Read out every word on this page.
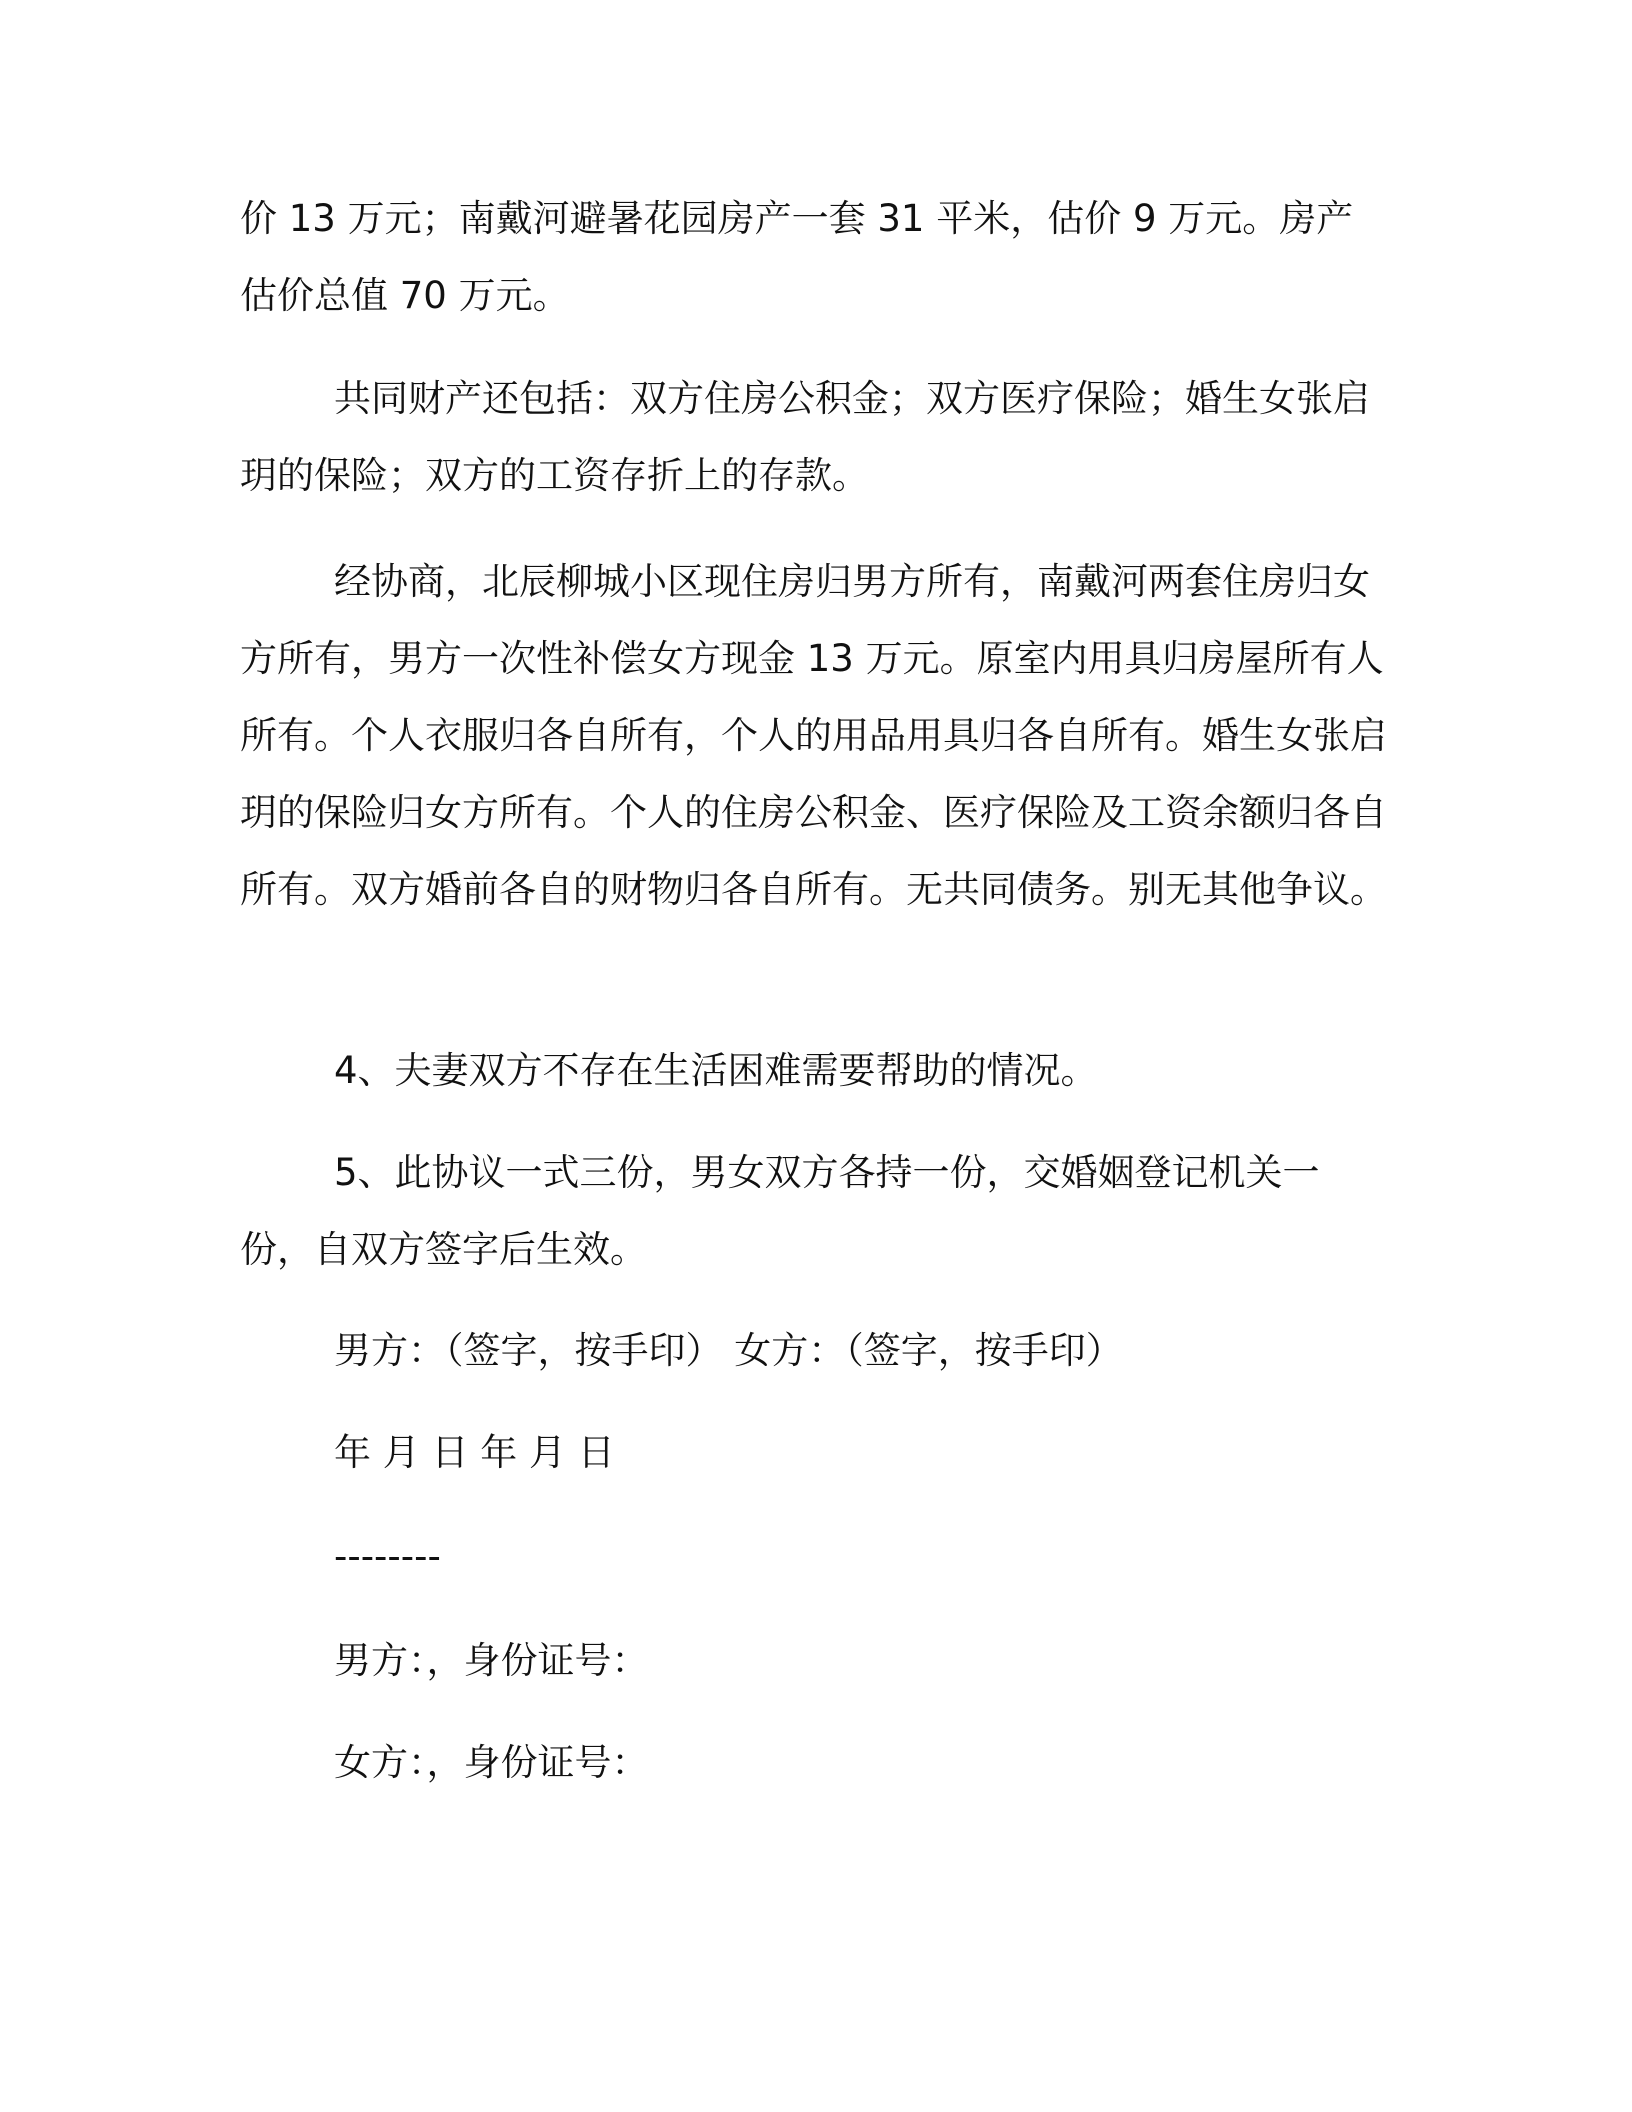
价 13 万元；南戴河避暑花园房产一套 31 平米，估价 9 万元。房产估价总值 70 万元。

共同财产还包括：双方住房公积金；双方医疗保险；婚生女张启玥的保险；双方的工资存折上的存款。

经协商，北辰柳城小区现住房归男方所有，南戴河两套住房归女方所有，男方一次性补偿女方现金 13 万元。原室内用具归房屋所有人所有。个人衣服归各自所有，个人的用品用具归各自所有。婚生女张启玥的保险归女方所有。个人的住房公积金、医疗保险及工资余额归各自所有。双方婚前各自的财物归各自所有。无共同债务。别无其他争议。

4、夫妻双方不存在生活困难需要帮助的情况。

5、此协议一式三份，男女双方各持一份，交婚姻登记机关一份，自双方签字后生效。

男方：（签字，按手印） 女方：（签字，按手印）

年 月 日 年 月 日

--------

男方：，身份证号：

女方：，身份证号：
